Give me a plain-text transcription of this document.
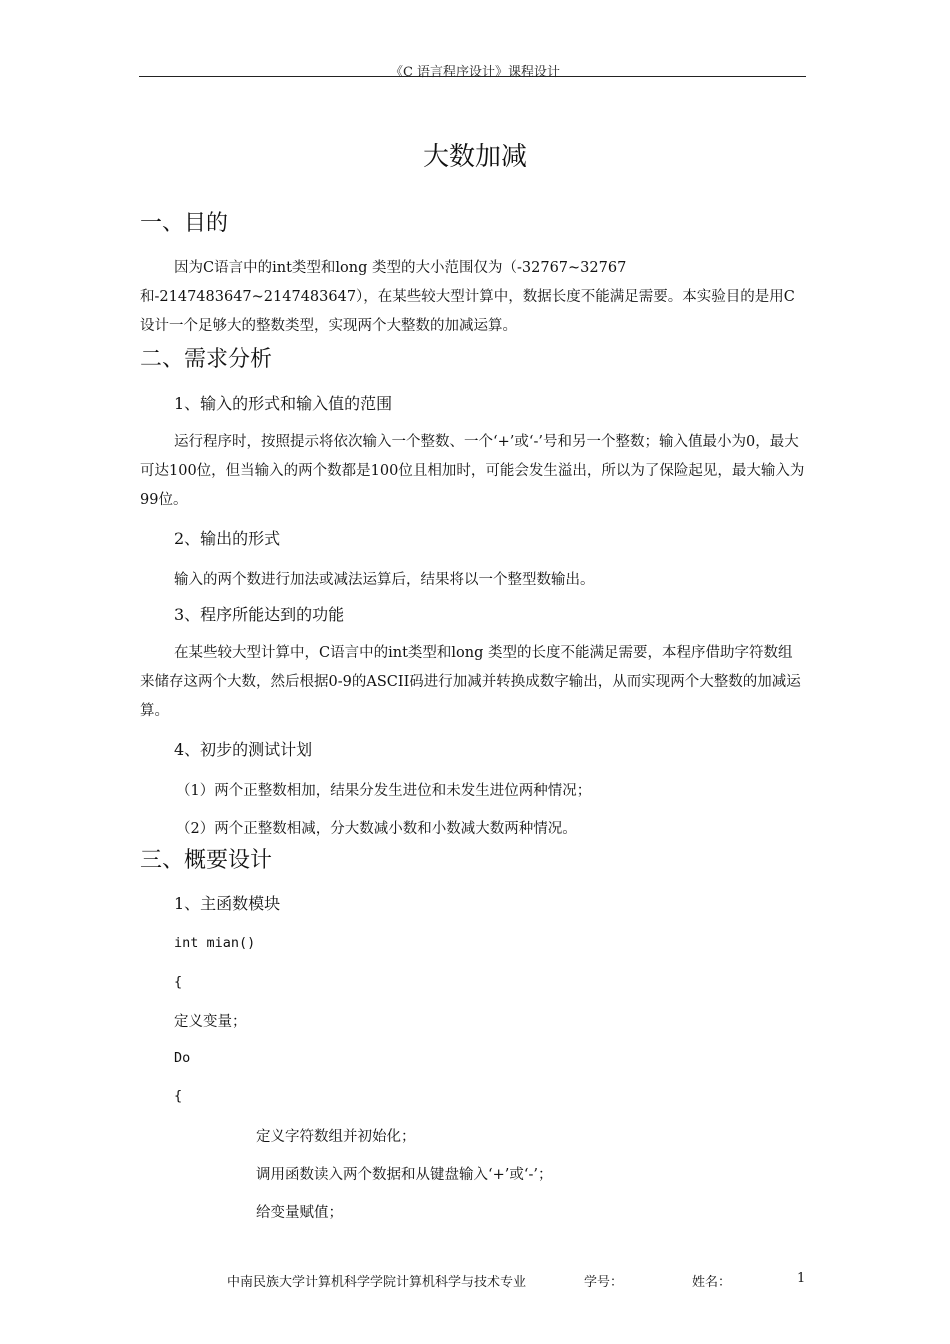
《C 语言程序设计》课程设计
大数加减
一、目的
因为C语言中的int类型和long 类型的大小范围仅为（-32767~32767和-2147483647~2147483647），在某些较大型计算中，数据长度不能满足需要。本实验目的是用C设计一个足够大的整数类型，实现两个大整数的加减运算。
二、需求分析
1、输入的形式和输入值的范围
运行程序时，按照提示将依次输入一个整数、一个‘+’或‘-’号和另一个整数；输入值最小为0，最大可达100位，但当输入的两个数都是100位且相加时，可能会发生溢出，所以为了保险起见，最大输入为99位。
2、输出的形式
输入的两个数进行加法或减法运算后，结果将以一个整型数输出。
3、程序所能达到的功能
在某些较大型计算中，C语言中的int类型和long 类型的长度不能满足需要，本程序借助字符数组来储存这两个大数，然后根据0-9的ASCII码进行加减并转换成数字输出，从而实现两个大整数的加减运算。
4、初步的测试计划
（1）两个正整数相加，结果分发生进位和未发生进位两种情况；
（2）两个正整数相减，分大数减小数和小数减大数两种情况。
三、概要设计
1、主函数模块
int mian()
{
定义变量；
Do
{
定义字符数组并初始化；
调用函数读入两个数据和从键盘输入‘+’或‘-’；
给变量赋值；
中南民族大学计算机科学学院计算机科学与技术专业	学号：	姓名：	1
